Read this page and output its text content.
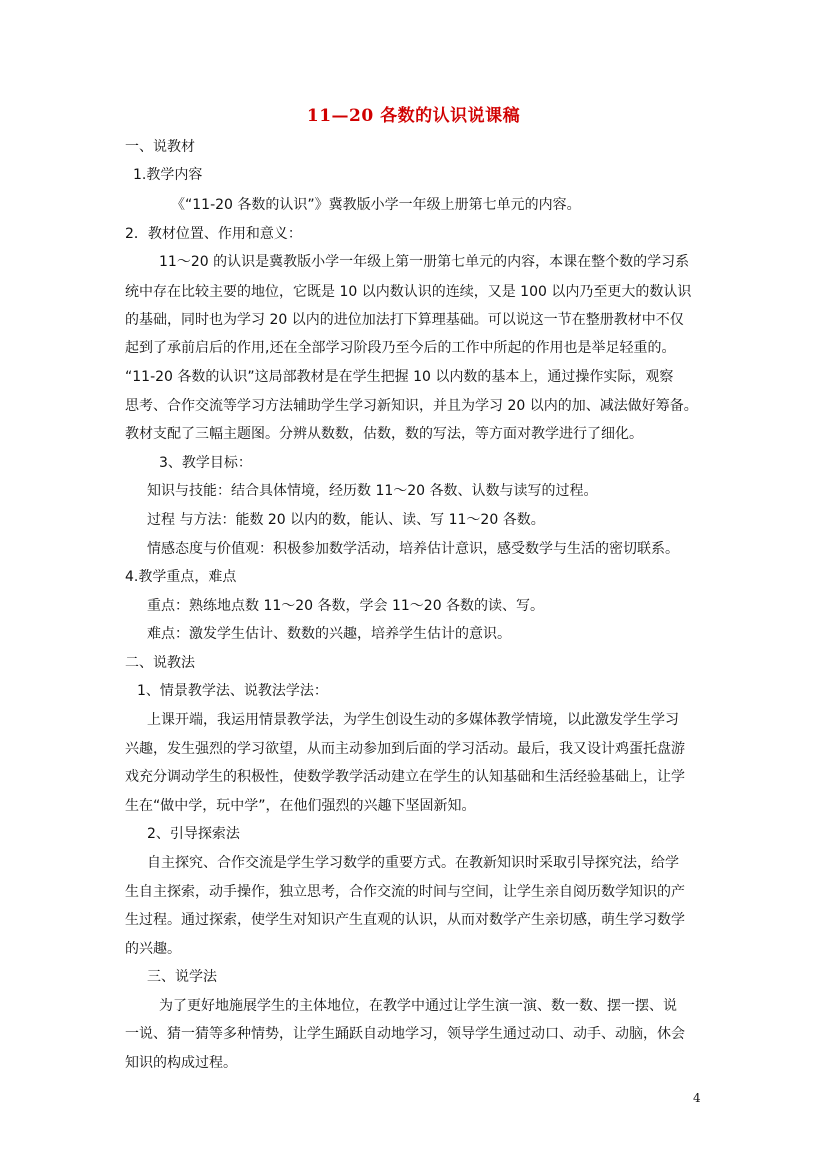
11—20 各数的认识说课稿
一、说教材
1.教学内容
《“11-20 各数的认识”》冀教版小学一年级上册第七单元的内容。
2．教材位置、作用和意义：
11～20 的认识是冀教版小学一年级上第一册第七单元的内容，本课在整个数的学习系
统中存在比较主要的地位，它既是 10 以内数认识的连续，又是 100 以内乃至更大的数认识
的基础，同时也为学习 20 以内的进位加法打下算理基础。可以说这一节在整册教材中不仅
起到了承前启后的作用,还在全部学习阶段乃至今后的工作中所起的作用也是举足轻重的。
“11-20 各数的认识”这局部教材是在学生把握 10 以内数的基本上，通过操作实际，观察
思考、合作交流等学习方法辅助学生学习新知识，并且为学习 20 以内的加、减法做好筹备。
教材支配了三幅主题图。分辨从数数，估数，数的写法，等方面对教学进行了细化。
3、教学目标：
知识与技能：结合具体情境，经历数 11～20 各数、认数与读写的过程。
过程 与方法：能数 20 以内的数，能认、读、写 11～20 各数。
情感态度与价值观：积极参加数学活动，培养估计意识，感受数学与生活的密切联系。
4.教学重点，难点
重点：熟练地点数 11～20 各数，学会 11～20 各数的读、写。
难点：激发学生估计、数数的兴趣，培养学生估计的意识。
二、说教法
1、情景教学法、说教法学法：
上课开端，我运用情景教学法，为学生创设生动的多媒体教学情境，以此激发学生学习
兴趣，发生强烈的学习欲望，从而主动参加到后面的学习活动。最后，我又设计鸡蛋托盘游
戏充分调动学生的积极性，使数学教学活动建立在学生的认知基础和生活经验基础上，让学
生在“做中学，玩中学”，在他们强烈的兴趣下坚固新知。
2、引导探索法
自主探究、合作交流是学生学习数学的重要方式。在教新知识时采取引导探究法，给学
生自主探索，动手操作，独立思考，合作交流的时间与空间，让学生亲自阅历数学知识的产
生过程。通过探索，使学生对知识产生直观的认识，从而对数学产生亲切感，萌生学习数学
的兴趣。
三、说学法
为了更好地施展学生的主体地位，在教学中通过让学生演一演、数一数、摆一摆、说
一说、猜一猜等多种情势，让学生踊跃自动地学习，领导学生通过动口、动手、动脑，休会
知识的构成过程。
4
